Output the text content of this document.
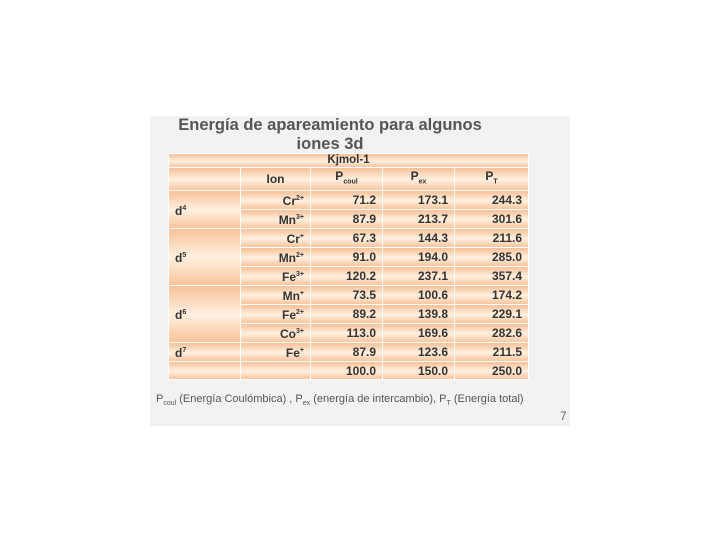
Energía de apareamiento para algunos
iones 3d
Kjmol-1				
	Ion	$P_{coul}$	$P_{ex}$	$P_T$
$d^4$	$Cr^{2+}$	71.2	173.1	244.3
	$Mn^{3+}$	87.9	213.7	301.6
$d^5$	Cr+	67.3	144.3	211.6
	$Mn^{2+}$	91.0	194.0	285.0
	$Fe^{3+}$	120.2	237.1	357.4
$d^6$	Mn+	73.5	100.6	174.2
	$Fe^{2+}$	89.2	139.8	229.1
	$Co^{3+}$	113.0	169.6	282.6
$d^7$	Fe+	87.9	123.6	211.5
		100.0	150.0	250.0
$P_{coul}$ (Energía Coulómbica) , $P_{ex}$ (energía de intercambio), $P_T$ (Energía total)
7
